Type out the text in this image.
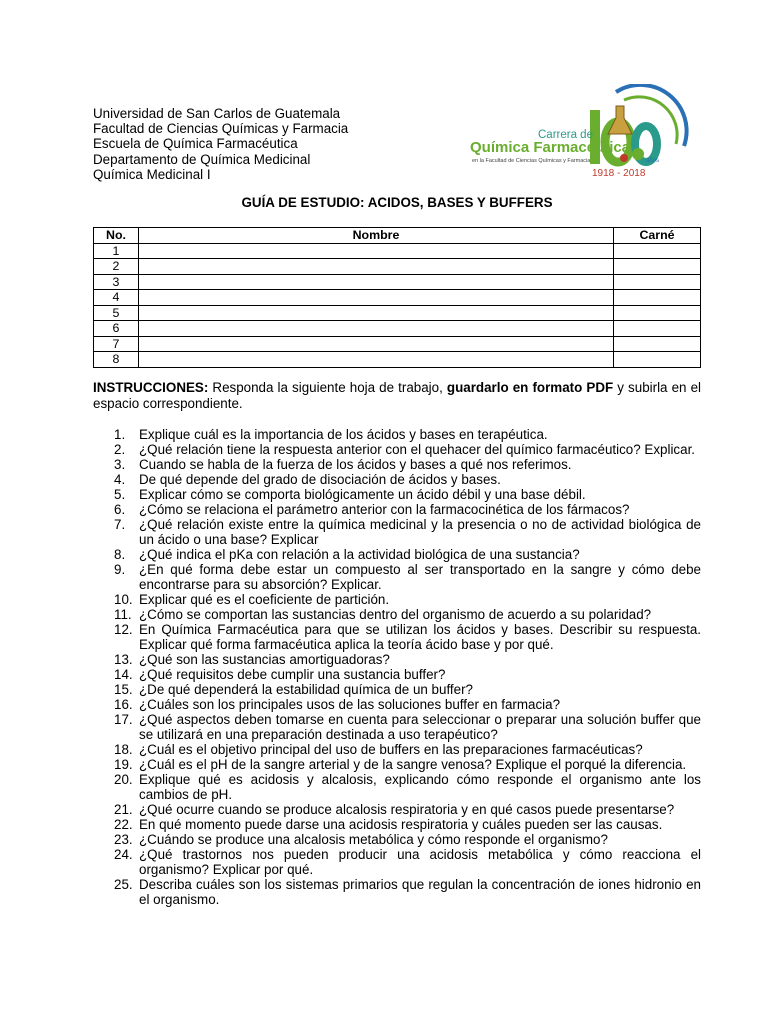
Universidad de San Carlos de Guatemala
Facultad de Ciencias Químicas y Farmacia
Escuela de Química Farmacéutica
Departamento de Química Medicinal
Química Medicinal I
Carrera de
Química Farmacéutica
en la Facultad de Ciencias Químicas y Farmacia	años
1918 - 2018
GUÍA DE ESTUDIO: ACIDOS, BASES Y BUFFERS
No.	Nombre	Carné
1		
2		
3		
4		
5		
6		
7		
8		
INSTRUCCIONES: Responda la siguiente hoja de trabajo, guardarlo en formato PDF y subirla en el espacio correspondiente.
1. Explique cuál es la importancia de los ácidos y bases en terapéutica.
2. ¿Qué relación tiene la respuesta anterior con el quehacer del químico farmacéutico? Explicar.
3. Cuando se habla de la fuerza de los ácidos y bases a qué nos referimos.
4. De qué depende del grado de disociación de ácidos y bases.
5. Explicar cómo se comporta biológicamente un ácido débil y una base débil.
6. ¿Cómo se relaciona el parámetro anterior con la farmacocinética de los fármacos?
7. ¿Qué relación existe entre la química medicinal y la presencia o no de actividad biológica de un ácido o una base? Explicar
8. ¿Qué indica el pKa con relación a la actividad biológica de una sustancia?
9. ¿En qué forma debe estar un compuesto al ser transportado en la sangre y cómo debe encontrarse para su absorción? Explicar.
10. Explicar qué es el coeficiente de partición.
11. ¿Cómo se comportan las sustancias dentro del organismo de acuerdo a su polaridad?
12. En Química Farmacéutica para que se utilizan los ácidos y bases. Describir su respuesta. Explicar qué forma farmacéutica aplica la teoría ácido base y por qué.
13. ¿Qué son las sustancias amortiguadoras?
14. ¿Qué requisitos debe cumplir una sustancia buffer?
15. ¿De qué dependerá la estabilidad química de un buffer?
16. ¿Cuáles son los principales usos de las soluciones buffer en farmacia?
17. ¿Qué aspectos deben tomarse en cuenta para seleccionar o preparar una solución buffer que se utilizará en una preparación destinada a uso terapéutico?
18. ¿Cuál es el objetivo principal del uso de buffers en las preparaciones farmacéuticas?
19. ¿Cuál es el pH de la sangre arterial y de la sangre venosa? Explique el porqué la diferencia.
20. Explique qué es acidosis y alcalosis, explicando cómo responde el organismo ante los cambios de pH.
21. ¿Qué ocurre cuando se produce alcalosis respiratoria y en qué casos puede presentarse?
22. En qué momento puede darse una acidosis respiratoria y cuáles pueden ser las causas.
23. ¿Cuándo se produce una alcalosis metabólica y cómo responde el organismo?
24. ¿Qué trastornos nos pueden producir una acidosis metabólica y cómo reacciona el organismo? Explicar por qué.
25. Describa cuáles son los sistemas primarios que regulan la concentración de iones hidronio en el organismo.
